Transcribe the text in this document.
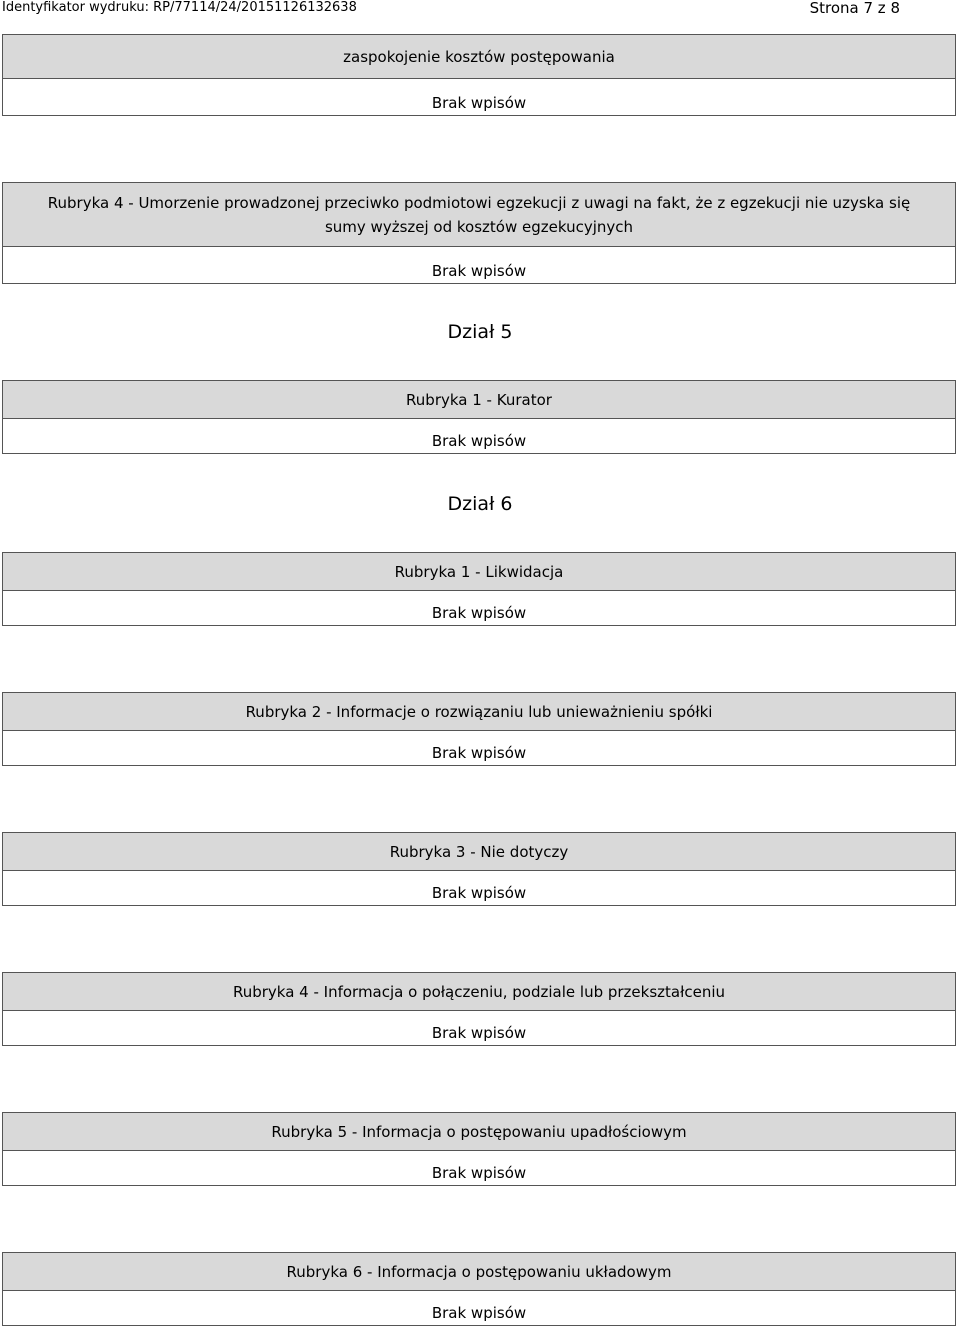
Identyfikator wydruku: RP/77114/24/20151126132638	Strona 7 z 8
zaspokojenie kosztów postępowania
Brak wpisów
Rubryka 4 - Umorzenie prowadzonej przeciwko podmiotowi egzekucji z uwagi na fakt, że z egzekucji nie uzyska się
sumy wyższej od kosztów egzekucyjnych
Brak wpisów
Dział 5
Rubryka 1 - Kurator
Brak wpisów
Dział 6
Rubryka 1 - Likwidacja
Brak wpisów
Rubryka 2 - Informacje o rozwiązaniu lub unieważnieniu spółki
Brak wpisów
Rubryka 3 - Nie dotyczy
Brak wpisów
Rubryka 4 - Informacja o połączeniu, podziale lub przekształceniu
Brak wpisów
Rubryka 5 - Informacja o postępowaniu upadłościowym
Brak wpisów
Rubryka 6 - Informacja o postępowaniu układowym
Brak wpisów
